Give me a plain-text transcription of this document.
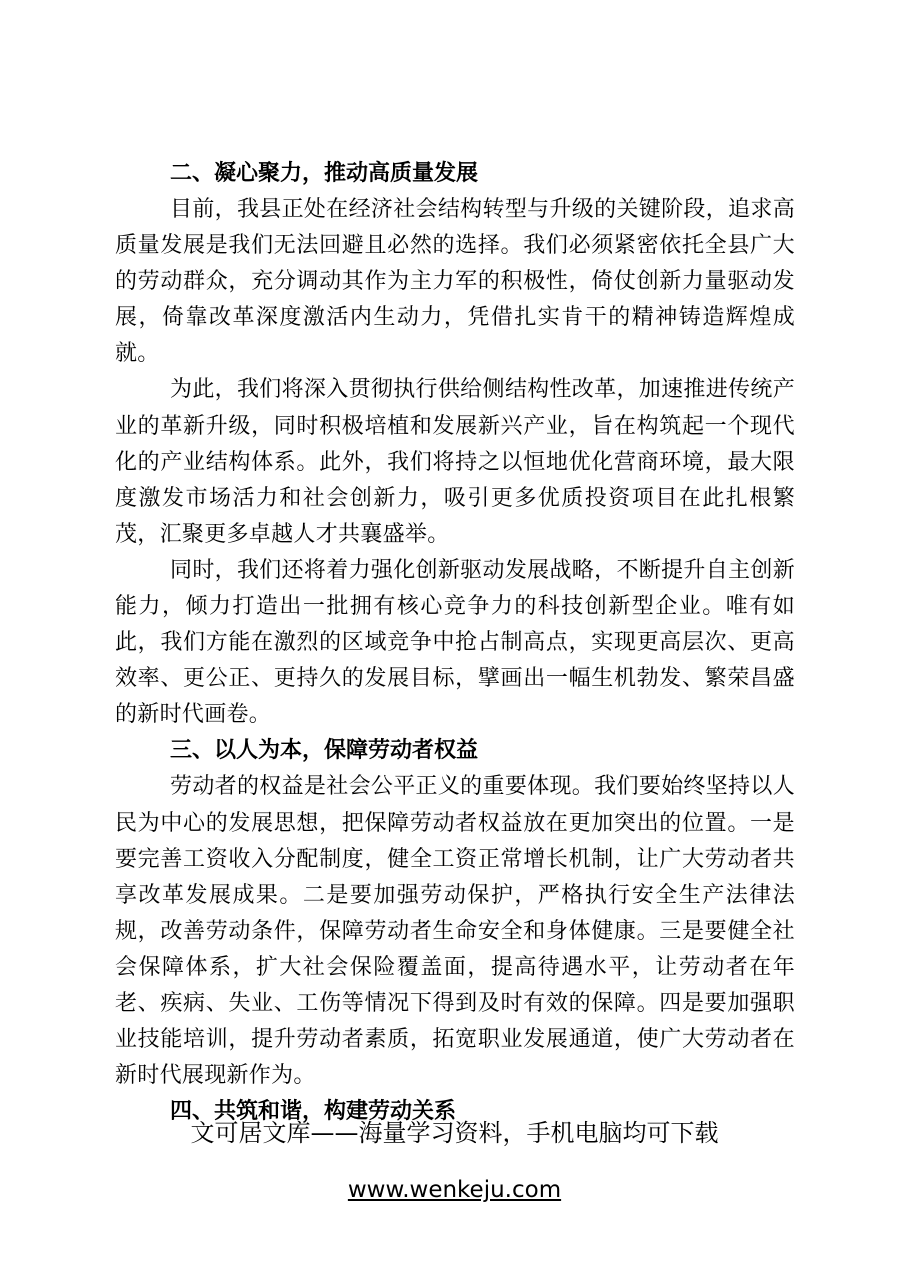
二、凝心聚力，推动高质量发展

目前，我县正处在经济社会结构转型与升级的关键阶段，追求高质量发展是我们无法回避且必然的选择。我们必须紧密依托全县广大的劳动群众，充分调动其作为主力军的积极性，倚仗创新力量驱动发展，倚靠改革深度激活内生动力，凭借扎实肯干的精神铸造辉煌成就。

为此，我们将深入贯彻执行供给侧结构性改革，加速推进传统产业的革新升级，同时积极培植和发展新兴产业，旨在构筑起一个现代化的产业结构体系。此外，我们将持之以恒地优化营商环境，最大限度激发市场活力和社会创新力，吸引更多优质投资项目在此扎根繁茂，汇聚更多卓越人才共襄盛举。

同时，我们还将着力强化创新驱动发展战略，不断提升自主创新能力，倾力打造出一批拥有核心竞争力的科技创新型企业。唯有如此，我们方能在激烈的区域竞争中抢占制高点，实现更高层次、更高效率、更公正、更持久的发展目标，擘画出一幅生机勃发、繁荣昌盛的新时代画卷。

三、以人为本，保障劳动者权益

劳动者的权益是社会公平正义的重要体现。我们要始终坚持以人民为中心的发展思想，把保障劳动者权益放在更加突出的位置。一是要完善工资收入分配制度，健全工资正常增长机制，让广大劳动者共享改革发展成果。二是要加强劳动保护，严格执行安全生产法律法规，改善劳动条件，保障劳动者生命安全和身体健康。三是要健全社会保障体系，扩大社会保险覆盖面，提高待遇水平，让劳动者在年老、疾病、失业、工伤等情况下得到及时有效的保障。四是要加强职业技能培训，提升劳动者素质，拓宽职业发展通道，使广大劳动者在新时代展现新作为。

四、共筑和谐，构建劳动关系
文可居文库——海量学习资料，手机电脑均可下载
www.wenkeju.com
